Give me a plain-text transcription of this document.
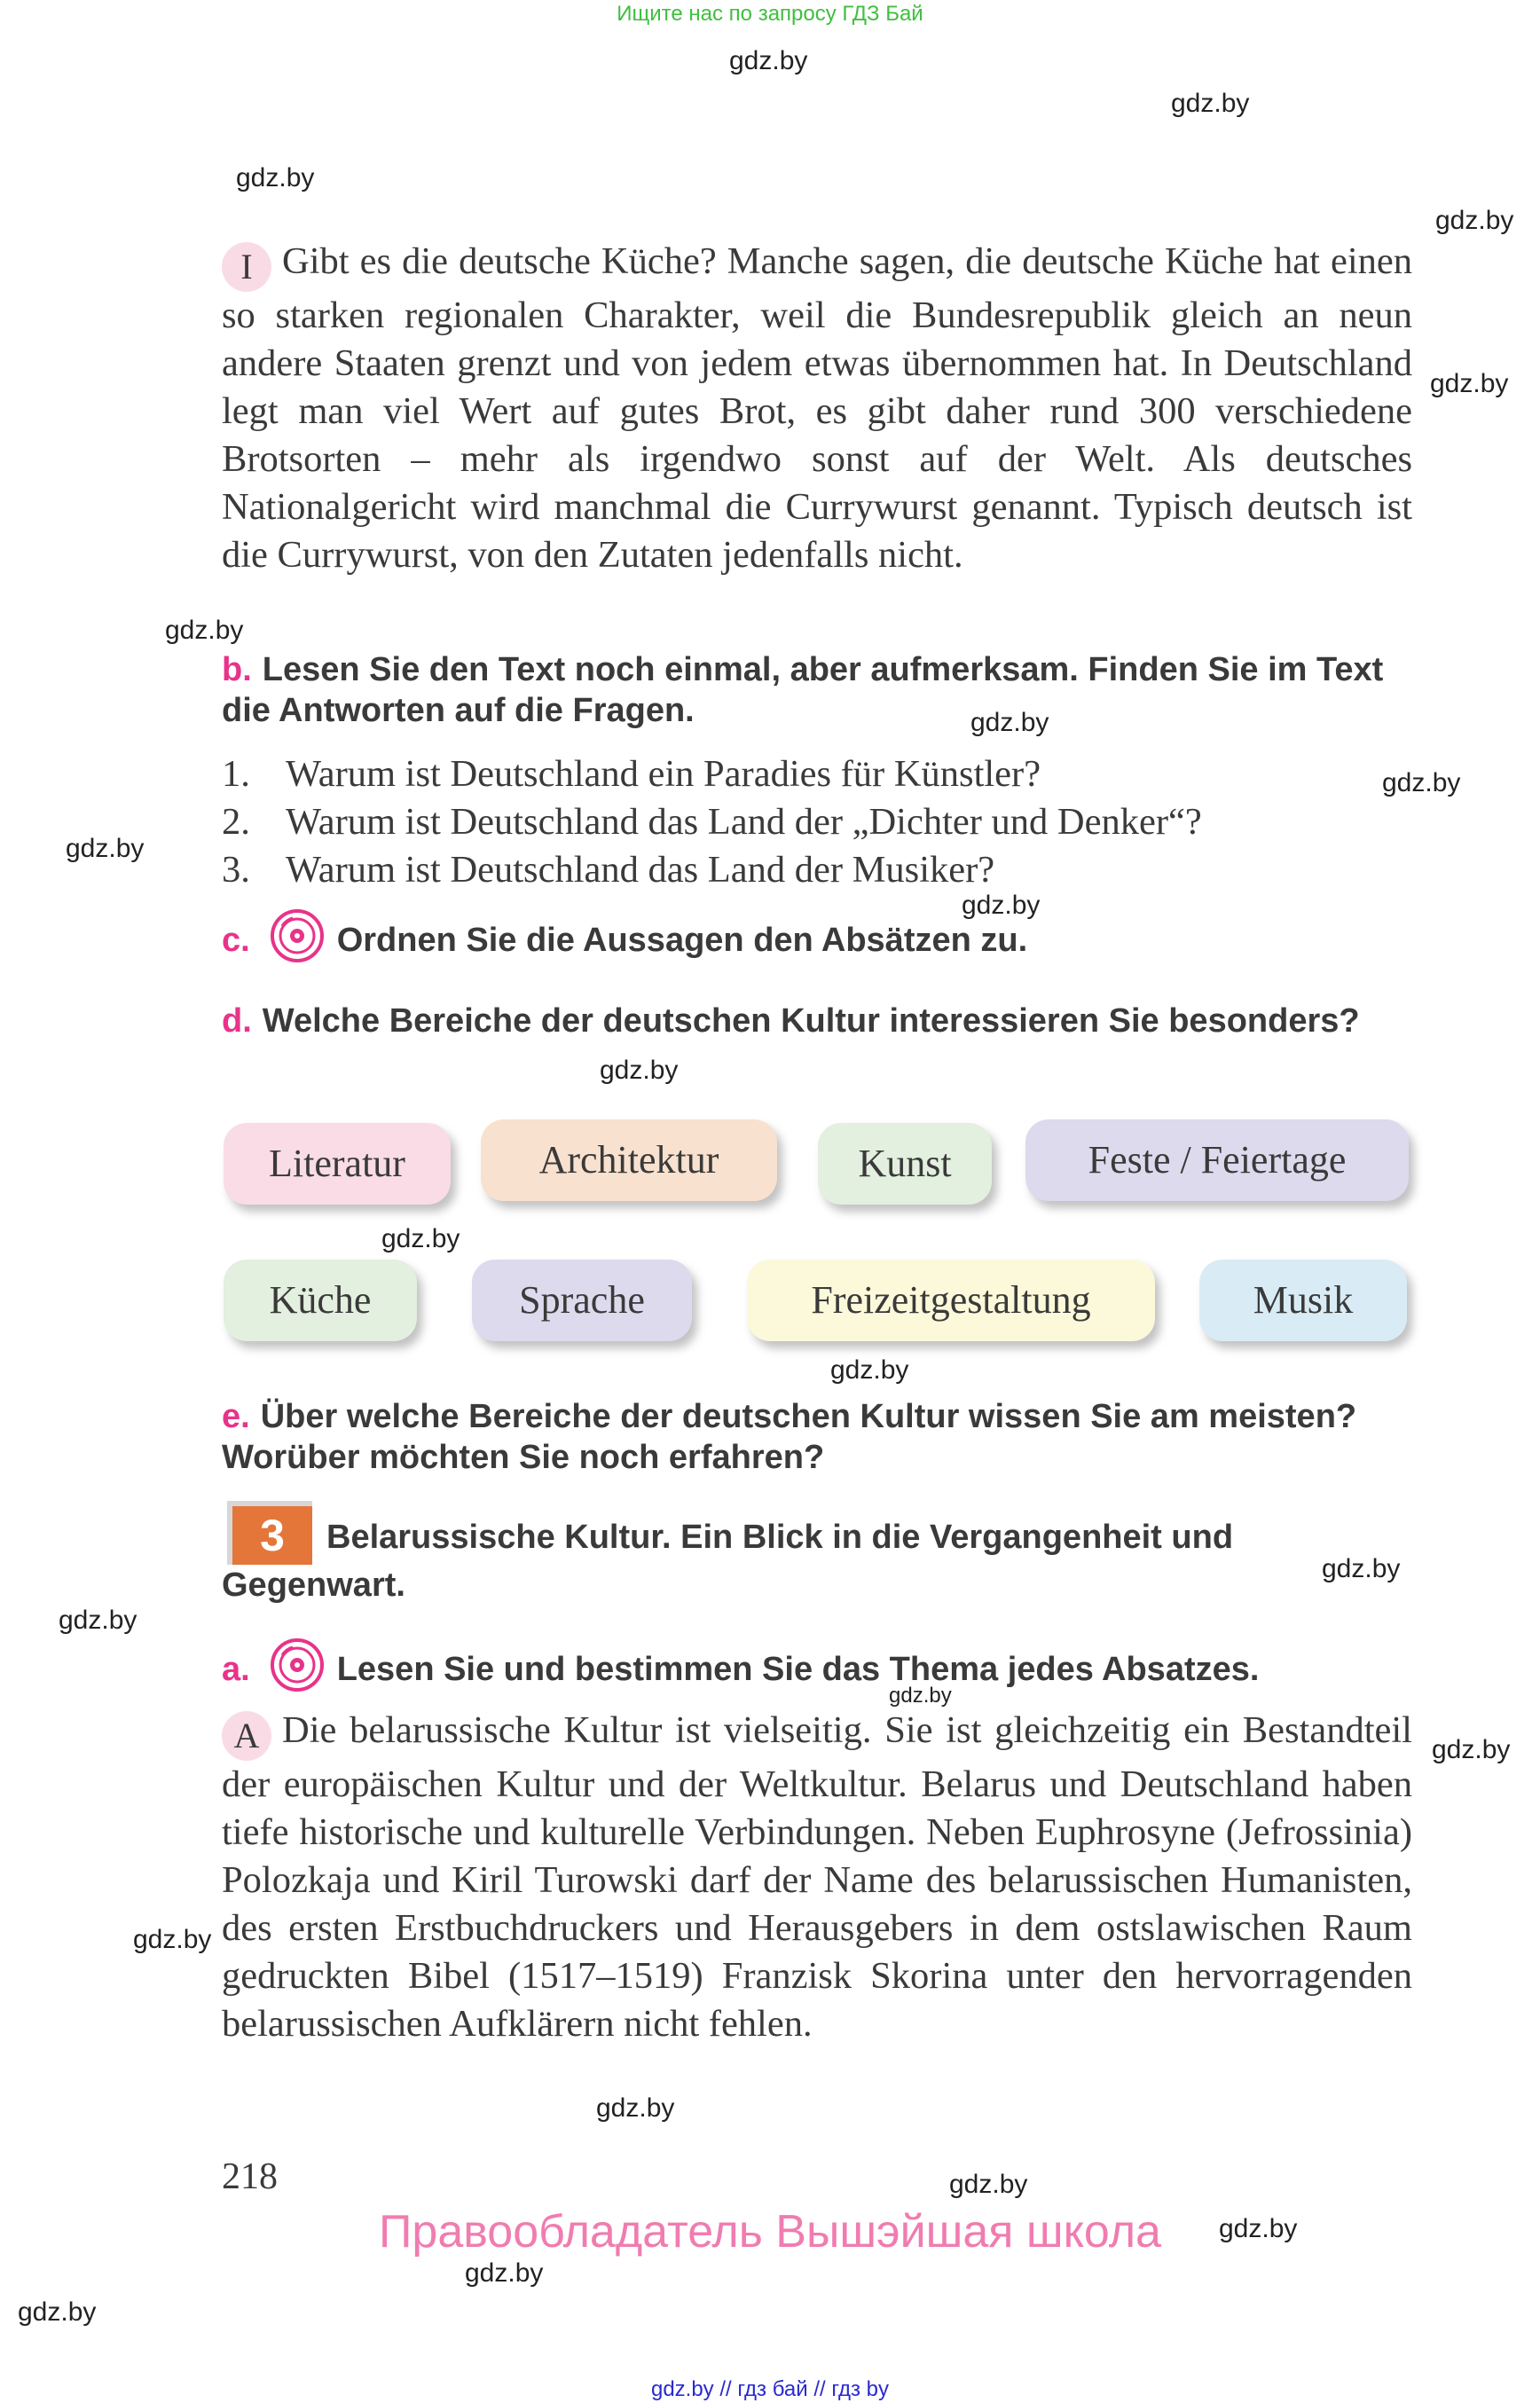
Ищите нас по запросу ГДЗ Бай
gdz.by
gdz.by
gdz.by
gdz.by
gdz.by
gdz.by
gdz.by
gdz.by
gdz.by
gdz.by
gdz.by
gdz.by
gdz.by
gdz.by
gdz.by
gdz.by
gdz.by
gdz.by
gdz.by
gdz.by
gdz.by
gdz.by
gdz.by
I Gibt es die deutsche Küche? Manche sagen, die deutsche Küche hat einen so starken regionalen Charakter, weil die Bundesrepublik gleich an neun andere Staaten grenzt und von jedem etwas übernommen hat. In Deutschland legt man viel Wert auf gutes Brot, es gibt daher rund 300 verschiedene Brotsorten – mehr als irgendwo sonst auf der Welt. Als deutsches Nationalgericht wird manchmal die Currywurst genannt. Typisch deutsch ist die Currywurst, von den Zutaten jedenfalls nicht.
b. Lesen Sie den Text noch einmal, aber aufmerksam. Finden Sie im Text die Antworten auf die Fragen.
1. Warum ist Deutschland ein Paradies für Künstler?
2. Warum ist Deutschland das Land der „Dichter und Denker“?
3. Warum ist Deutschland das Land der Musiker?
c.	Ordnen Sie die Aussagen den Absätzen zu.
d. Welche Bereiche der deutschen Kultur interessieren Sie besonders?
Literatur	Architektur	Kunst	Feste / Feiertage
Küche	Sprache	Freizeitgestaltung	Musik
e. Über welche Bereiche der deutschen Kultur wissen Sie am meisten? Worüber möchten Sie noch erfahren?
3	Belarussische Kultur. Ein Blick in die Vergangenheit und Gegenwart.
a.	Lesen Sie und bestimmen Sie das Thema jedes Absatzes.
A Die belarussische Kultur ist vielseitig. Sie ist gleichzeitig ein Bestandteil der europäischen Kultur und der Weltkultur. Belarus und Deutschland haben tiefe historische und kulturelle Verbindungen. Neben Euphrosyne (Jefrossinia) Polozkaja und Kiril Turowski darf der Name des belarussischen Humanisten, des ersten Erstbuchdruckers und Herausgebers in dem ostslawischen Raum gedruckten Bibel (1517–1519) Franzisk Skorina unter den hervorragenden belarussischen Aufklärern nicht fehlen.
218
Правообладатель Вышэйшая школа
gdz.by // гдз бай // гдз by
